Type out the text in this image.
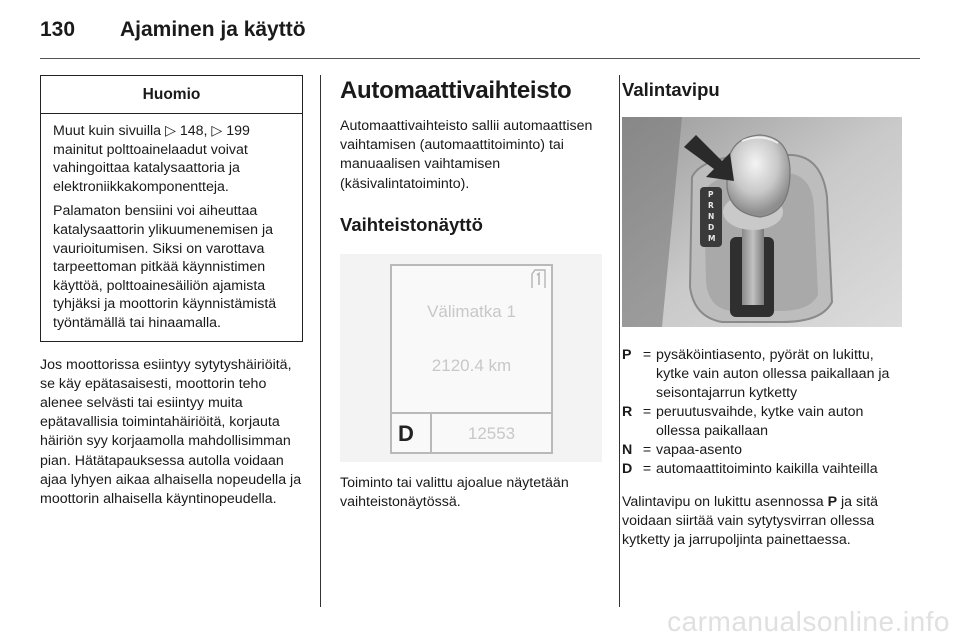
130	Ajaminen ja käyttö
Huomio

Muut kuin sivuilla ▷ 148, ▷ 199 mainitut polttoainelaadut voivat vahingoittaa katalysaattoria ja elektroniikkakomponentteja.

Palamaton bensiini voi aiheuttaa katalysaattorin ylikuumenemisen ja vaurioitumisen. Siksi on varottava tarpeettoman pitkää käynnistimen käyttöä, polttoainesäiliön ajamista tyhjäksi ja moottorin käynnistämistä työntämällä tai hinaamalla.

Jos moottorissa esiintyy sytytyshäiriöitä, se käy epätasaisesti, moottorin teho alenee selvästi tai esiintyy muita epätavallisia toimintahäiriöitä, korjauta häiriön syy korjaamolla mahdollisimman pian. Hätätapauksessa autolla voidaan ajaa lyhyen aikaa alhaisella nopeudella ja moottorin alhaisella käyntinopeudella.

Automaattivaihteisto

Automaattivaihteisto sallii automaattisen vaihtamisen (automaattitoiminto) tai manuaalisen vaihtamisen (käsivalintatoiminto).

Vaihteistonäyttö
Välimatka 1
2120.4 km
D	12553

Toiminto tai valittu ajoalue näytetään vaihteistonäytössä.

Valintavipu
P
R
N
D
M
P = pysäköintiasento, pyörät on lukittu, kytke vain auton ollessa paikallaan ja seisontajarrun kytketty
R = peruutusvaihde, kytke vain auton ollessa paikallaan
N = vapaa-asento
D = automaattitoiminto kaikilla vaihteilla

Valintavipu on lukittu asennossa P ja sitä voidaan siirtää vain sytytysvirran ollessa kytketty ja jarrupoljinta painettaessa.

carmanualsonline.info
